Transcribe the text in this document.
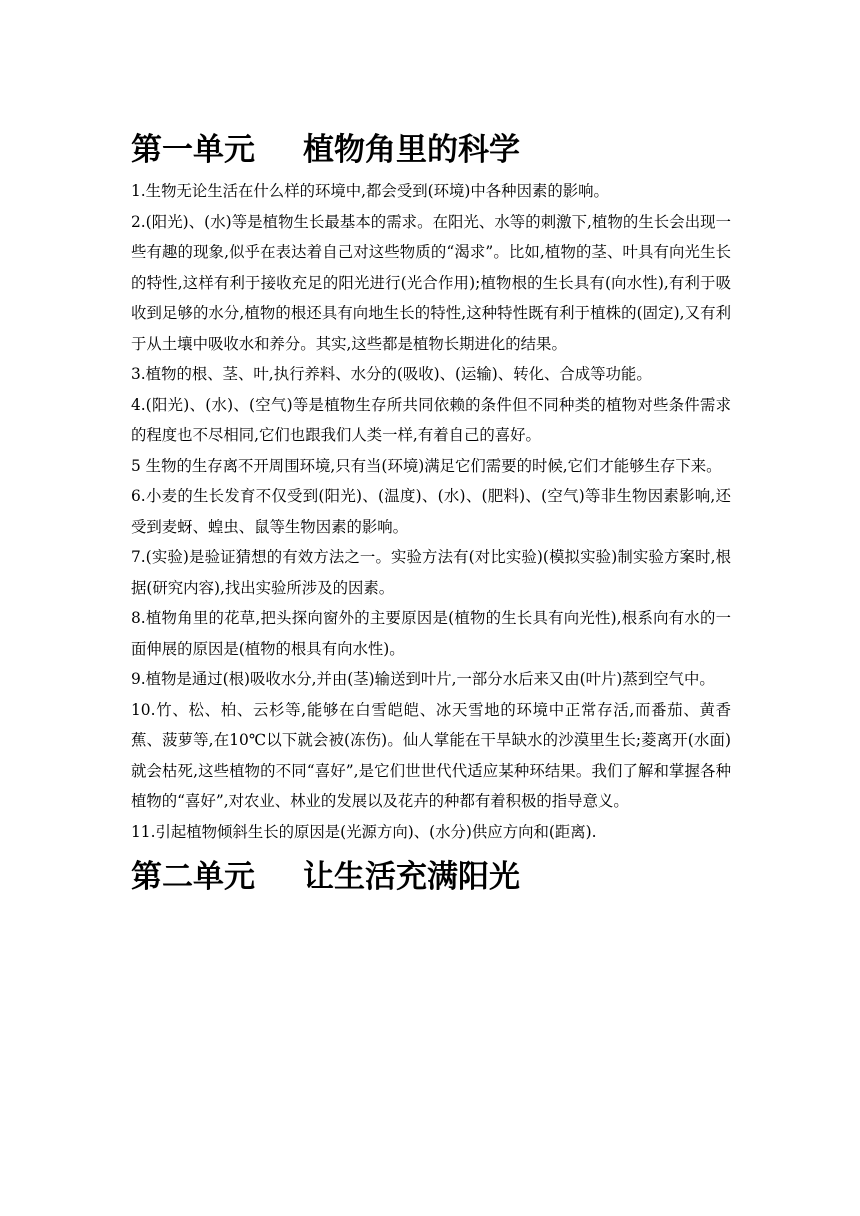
第一单元 植物角里的科学

1.生物无论生活在什么样的环境中,都会受到(环境)中各种因素的影响。

2.(阳光)、(水)等是植物生长最基本的需求。在阳光、水等的刺激下,植物的生长会出现一些有趣的现象,似乎在表达着自己对这些物质的“渴求”。比如,植物的茎、叶具有向光生长的特性,这样有利于接收充足的阳光进行(光合作用);植物根的生长具有(向水性),有利于吸收到足够的水分,植物的根还具有向地生长的特性,这种特性既有利于植株的(固定),又有利于从土壤中吸收水和养分。其实,这些都是植物长期进化的结果。

3.植物的根、茎、叶,执行养料、水分的(吸收)、(运输)、转化、合成等功能。

4.(阳光)、(水)、(空气)等是植物生存所共同依赖的条件但不同种类的植物对些条件需求的程度也不尽相同,它们也跟我们人类一样,有着自己的喜好。

5 生物的生存离不开周围环境,只有当(环境)满足它们需要的时候,它们才能够生存下来。

6.小麦的生长发育不仅受到(阳光)、(温度)、(水)、(肥料)、(空气)等非生物因素影响,还受到麦蚜、蝗虫、鼠等生物因素的影响。

7.(实验)是验证猜想的有效方法之一。实验方法有(对比实验)(模拟实验)制实验方案时,根据(研究内容),找出实验所涉及的因素。

8.植物角里的花草,把头探向窗外的主要原因是(植物的生长具有向光性),根系向有水的一面伸展的原因是(植物的根具有向水性)。

9.植物是通过(根)吸收水分,并由(茎)输送到叶片,一部分水后来又由(叶片)蒸到空气中。

10.竹、松、柏、云杉等,能够在白雪皑皑、冰天雪地的环境中正常存活,而番茄、黄香蕉、菠萝等,在10℃以下就会被(冻伤)。仙人掌能在干旱缺水的沙漠里生长;菱离开(水面)就会枯死,这些植物的不同“喜好”,是它们世世代代适应某种环结果。我们了解和掌握各种植物的“喜好”,对农业、林业的发展以及花卉的种都有着积极的指导意义。

11.引起植物倾斜生长的原因是(光源方向)、(水分)供应方向和(距离).

第二单元 让生活充满阳光
